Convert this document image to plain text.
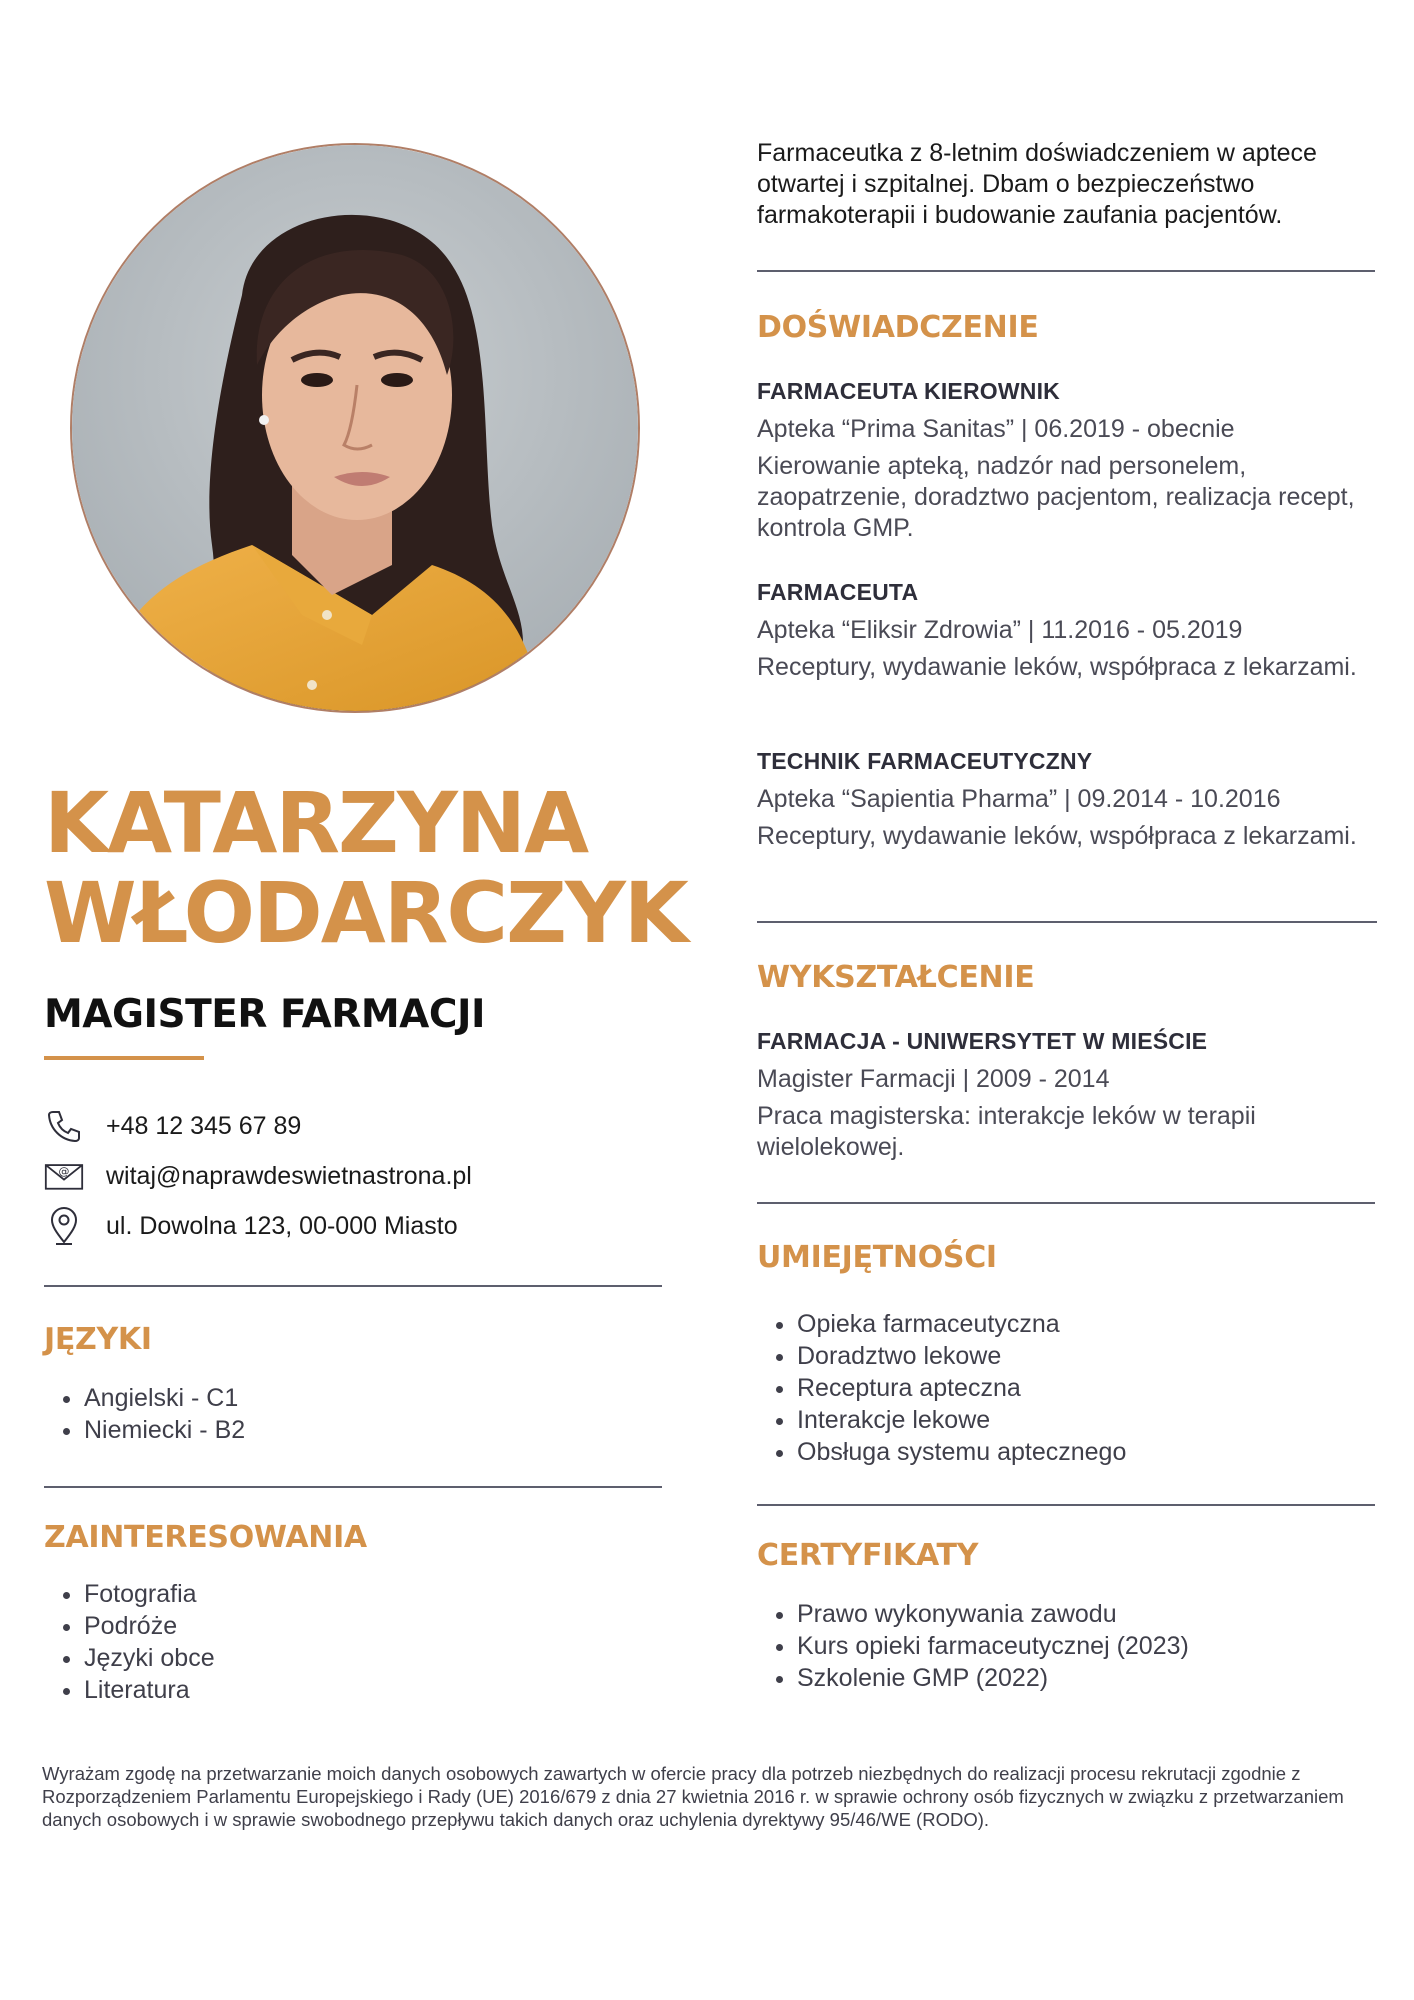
KATARZYNA
WŁODARCZYK
MAGISTER FARMACJI
+48 12 345 67 89
@ witaj@naprawdeswietnastrona.pl
ul. Dowolna 123, 00-000 Miasto
JĘZYKI
• Angielski - C1
• Niemiecki - B2
ZAINTERESOWANIA
• Fotografia
• Podróże
• Języki obce
• Literatura

Farmaceutka z 8-letnim doświadczeniem w aptece otwartej i szpitalnej. Dbam o bezpieczeństwo farmakoterapii i budowanie zaufania pacjentów.

DOŚWIADCZENIE

FARMACEUTA KIEROWNIK

Apteka “Prima Sanitas” | 06.2019 - obecnie

Kierowanie apteką, nadzór nad personelem, zaopatrzenie, doradztwo pacjentom, realizacja recept, kontrola GMP.

FARMACEUTA

Apteka “Eliksir Zdrowia” | 11.2016 - 05.2019

Receptury, wydawanie leków, współpraca z lekarzami.

TECHNIK FARMACEUTYCZNY

Apteka “Sapientia Pharma” | 09.2014 - 10.2016

Receptury, wydawanie leków, współpraca z lekarzami.

WYKSZTAŁCENIE

FARMACJA - UNIWERSYTET W MIEŚCIE

Magister Farmacji | 2009 - 2014

Praca magisterska: interakcje leków w terapii wielolekowej.

UMIEJĘTNOŚCI
• Opieka farmaceutyczna
• Doradztwo lekowe
• Receptura apteczna
• Interakcje lekowe
• Obsługa systemu aptecznego
CERTYFIKATY
• Prawo wykonywania zawodu
• Kurs opieki farmaceutycznej (2023)
• Szkolenie GMP (2022)

Wyrażam zgodę na przetwarzanie moich danych osobowych zawartych w ofercie pracy dla potrzeb niezbędnych do realizacji procesu rekrutacji zgodnie z Rozporządzeniem Parlamentu Europejskiego i Rady (UE) 2016/679 z dnia 27 kwietnia 2016 r. w sprawie ochrony osób fizycznych w związku z przetwarzaniem danych osobowych i w sprawie swobodnego przepływu takich danych oraz uchylenia dyrektywy 95/46/WE (RODO).
